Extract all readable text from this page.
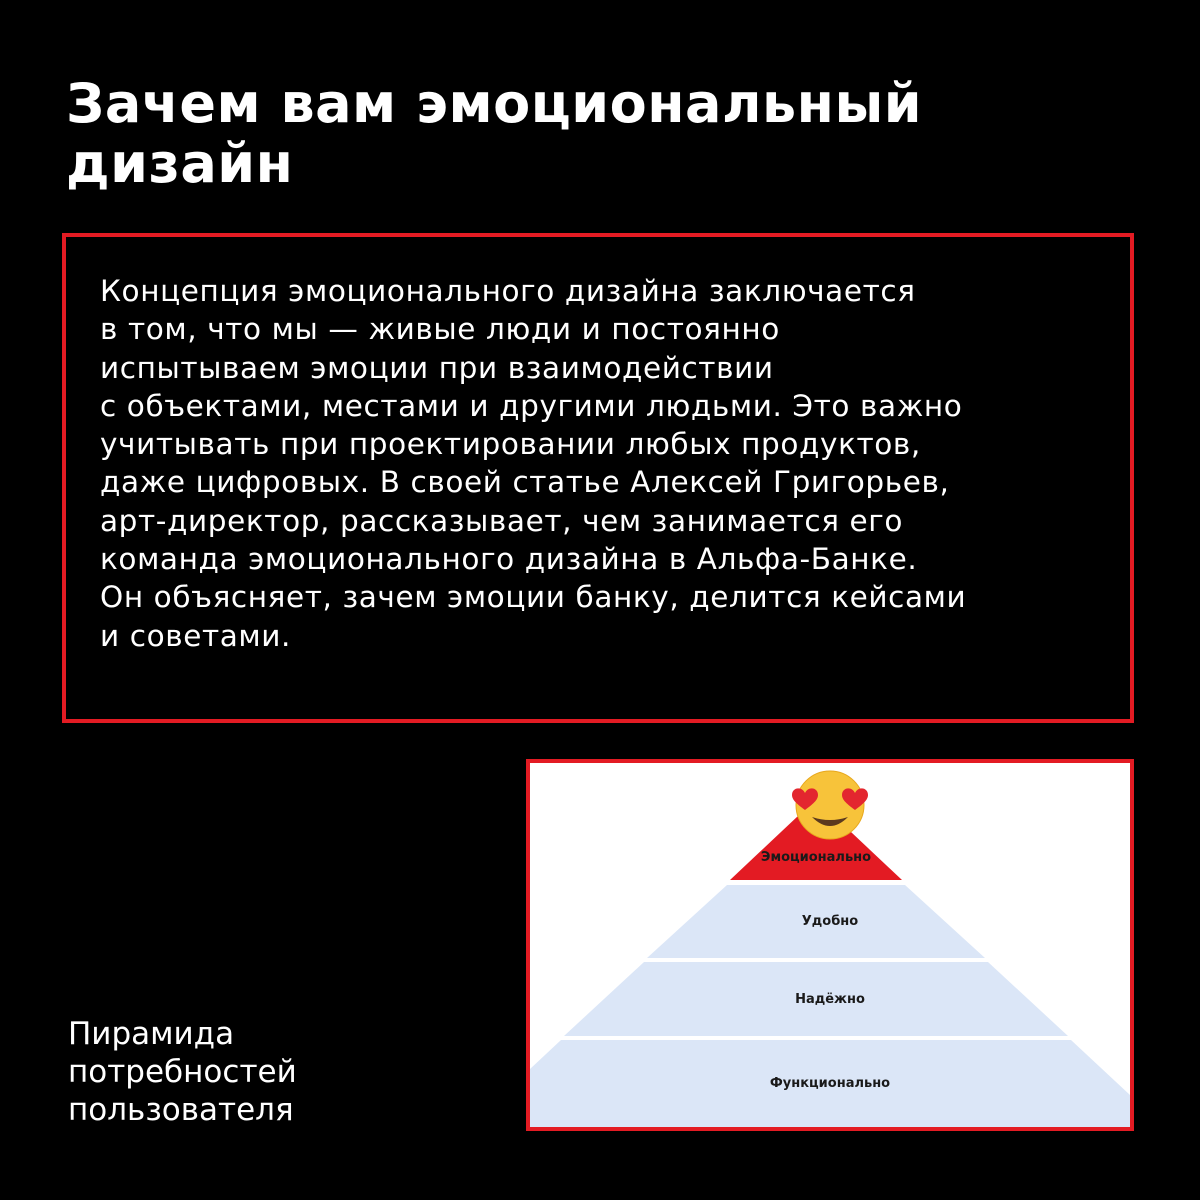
Зачем вам эмоциональный
дизайн

Концепция эмоционального дизайна заключается
в том, что мы — живые люди и постоянно
испытываем эмоции при взаимодействии
с объектами, местами и другими людьми. Это важно
учитывать при проектировании любых продуктов,
даже цифровых. В своей статье Алексей Григорьев,
арт-директор, рассказывает, чем занимается его
команда эмоционального дизайна в Альфа-Банке.
Он объясняет, зачем эмоции банку, делится кейсами
и советами.

Пирамида
потребностей
пользователя
Эмоционально
Удобно
Надёжно
Функционально
